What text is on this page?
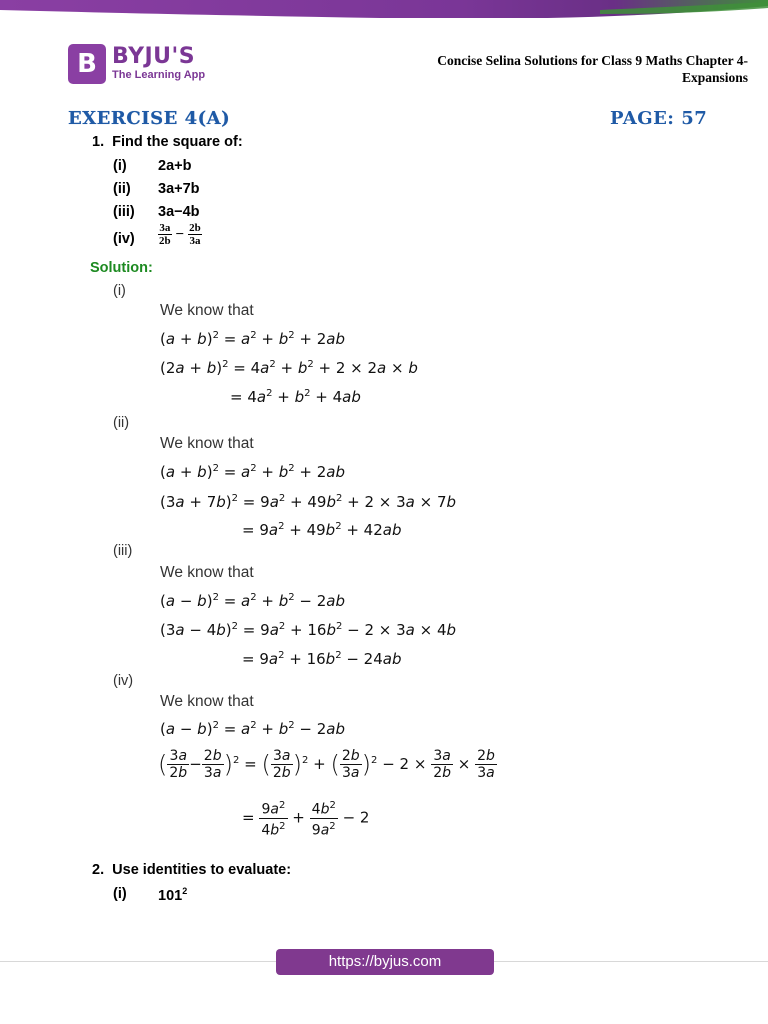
B BYJU'S
The Learning App
Concise Selina Solutions for Class 9 Maths Chapter 4-
Expansions
EXERCISE 4(A)	PAGE: 57
1. Find the square of:
(i) 2a+b
(ii) 3a+7b
(iii) 3a−4b
$(iv) \frac{3a}{2b} - \frac{2b}{3a}$
Solution:
(i)
We know that
$(a + b)^2 = a^2 + b^2 + 2ab$
$(2a + b)^2 = 4a^2 + b^2 + 2 \times 2a \times b$
= $4a^2 + b^2 + 4ab$
(ii)
We know that
$(a + b)^2 = a^2 + b^2 + 2ab$
$(3a + 7b)^2 = 9a^2 + 49b^2 + 2 \times 3a \times 7b$
= $9a^2 + 49b^2 + 42ab$
(iii)
We know that
$(a - b)^2 = a^2 + b^2 - 2ab$
$(3a - 4b)^2 = 9a^2 + 16b^2 - 2 \times 3a \times 4b$
= $9a^2 + 16b^2 - 24ab$
(iv)
We know that
$(a - b)^2 = a^2 + b^2 - 2ab$
( $\frac{3a}{2b} - \frac{2b}{3a} )^2$ = ( $\frac{3a}{2b} )^2$ + ( $\frac{2b}{3a} )^2 - 2 \times \frac{3a}{2b} \times \frac{2b}{3a}$
= $\frac{9a^2}{4b^2} + \frac{4b^2}{9a^2} - 2$
2. Use identities to evaluate:
(i) $101^2$
https://byjus.com
